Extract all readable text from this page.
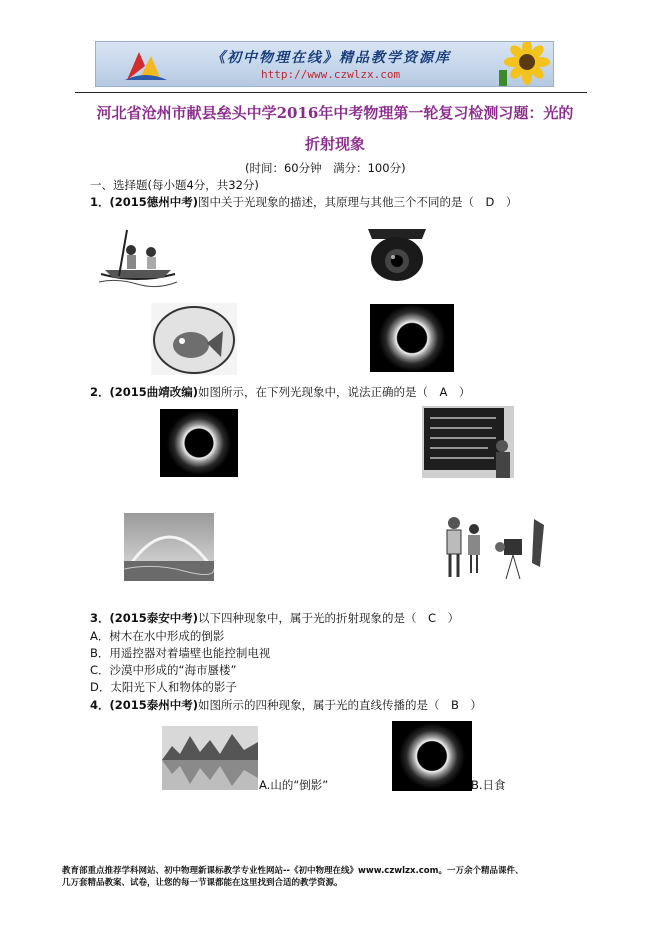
《初中物理在线》精品教学资源库
http://www.czwlzx.com
河北省沧州市献县垒头中学2016年中考物理第一轮复习检测习题：光的
折射现象
(时间：60分钟　满分：100分)
一、选择题(每小题4分，共32分)
1．(2015德州中考)图中关于光现象的描述，其原理与其他三个不同的是（　D　）
2．(2015曲靖改编)如图所示，在下列光现象中，说法正确的是（　A　）
3．(2015泰安中考)以下四种现象中，属于光的折射现象的是（　C　）
A．树木在水中形成的倒影
B．用遥控器对着墙壁也能控制电视
C．沙漠中形成的“海市蜃楼”
D．太阳光下人和物体的影子
4．(2015泰州中考)如图所示的四种现象，属于光的直线传播的是（　B　）
A.山的“倒影”	B.日食
教育部重点推荐学科网站、初中物理新课标教学专业性网站--《初中物理在线》www.czwlzx.com。一万余个精品课件、
几万套精品教案、试卷，让您的每一节课都能在这里找到合适的教学资源。
